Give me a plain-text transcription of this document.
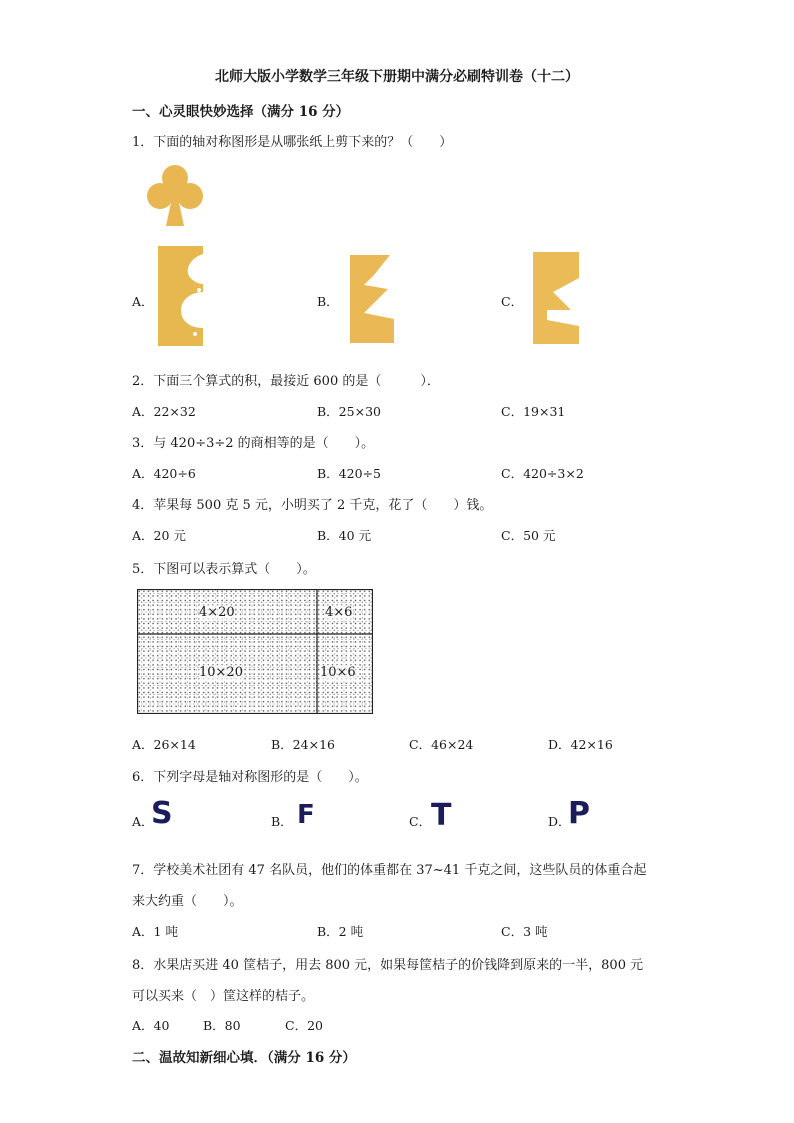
北师大版小学数学三年级下册期中满分必刷特训卷（十二）
一、心灵眼快妙选择（满分 16 分）
1．下面的轴对称图形是从哪张纸上剪下来的？（　　）
A．	B．	C．
2．下面三个算式的积，最接近 600 的是（　　　）．
A．22×32	B．25×30	C．19×31
3．与 420÷3÷2 的商相等的是（　　）。
A．420÷6	B．420÷5	C．420÷3×2
4．苹果每 500 克 5 元，小明买了 2 千克，花了（　　）钱。
A．20 元	B．40 元	C．50 元
5．下图可以表示算式（　　）。
4×20	4×6
10×20	10×6
A．26×14	B．24×16	C．46×24	D．42×16
6．下列字母是轴对称图形的是（　　）。
A．
S	B． F	C． T	D．
P
7．学校美术社团有 47 名队员，他们的体重都在 37~41 千克之间，这些队员的体重合起
来大约重（　　）。
A．1 吨	B．2 吨	C．3 吨
8．水果店买进 40 筐桔子，用去 800 元，如果每筐桔子的价钱降到原来的一半，800 元
可以买来（　）筐这样的桔子。
A．40	B．80	C．20
二、温故知新细心填．（满分 16 分）
